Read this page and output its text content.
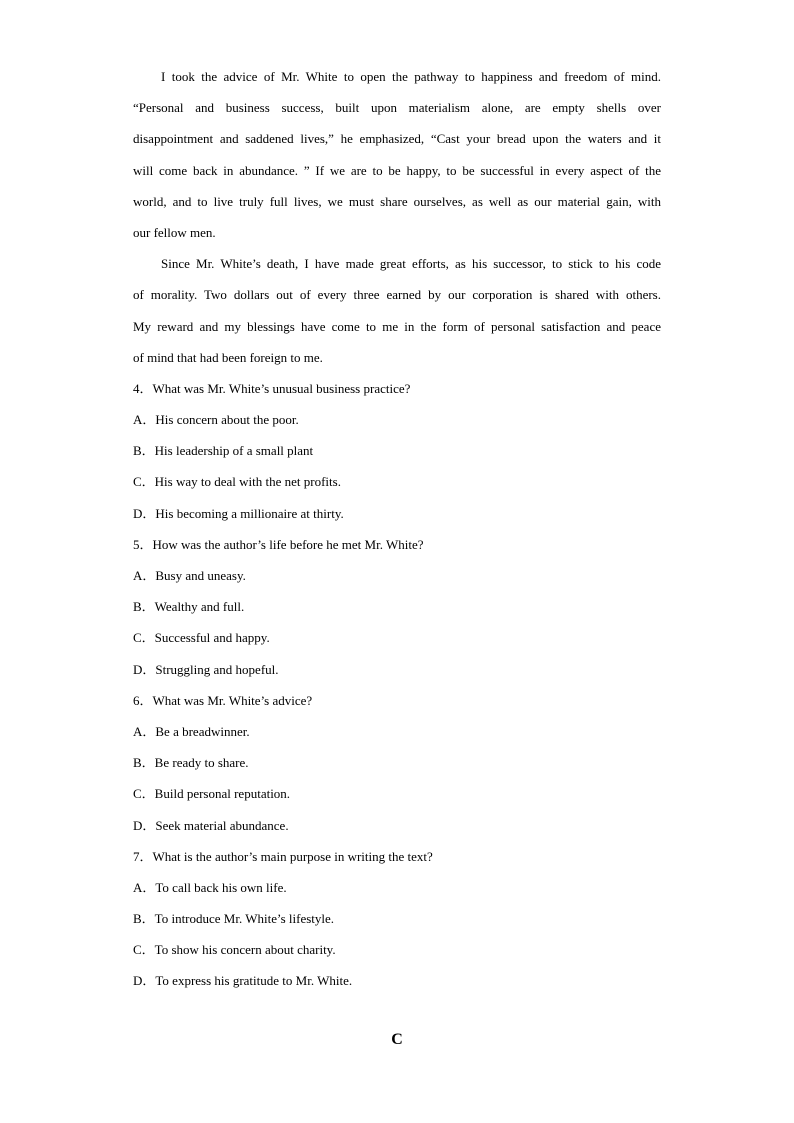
I took the advice of Mr. White to open the pathway to happiness and freedom of mind.
“Personal and business success, built upon materialism alone, are empty shells over
disappointment and saddened lives,” he emphasized, “Cast your bread upon the waters and it
will come back in abundance. ” If we are to be happy, to be successful in every aspect of the
world, and to live truly full lives, we must share ourselves, as well as our material gain, with
our fellow men.
Since Mr. White’s death, I have made great efforts, as his successor, to stick to his code
of morality. Two dollars out of every three earned by our corporation is shared with others.
My reward and my blessings have come to me in the form of personal satisfaction and peace
of mind that had been foreign to me.
4．What was Mr. White’s unusual business practice?
A．His concern about the poor.
B．His leadership of a small plant
C．His way to deal with the net profits.
D．His becoming a millionaire at thirty.
5．How was the author’s life before he met Mr. White?
A．Busy and uneasy.
B．Wealthy and full.
C．Successful and happy.
D．Struggling and hopeful.
6．What was Mr. White’s advice?
A．Be a breadwinner.
B．Be ready to share.
C．Build personal reputation.
D．Seek material abundance.
7．What is the author’s main purpose in writing the text?
A．To call back his own life.
B．To introduce Mr. White’s lifestyle.
C．To show his concern about charity.
D．To express his gratitude to Mr. White.
C
